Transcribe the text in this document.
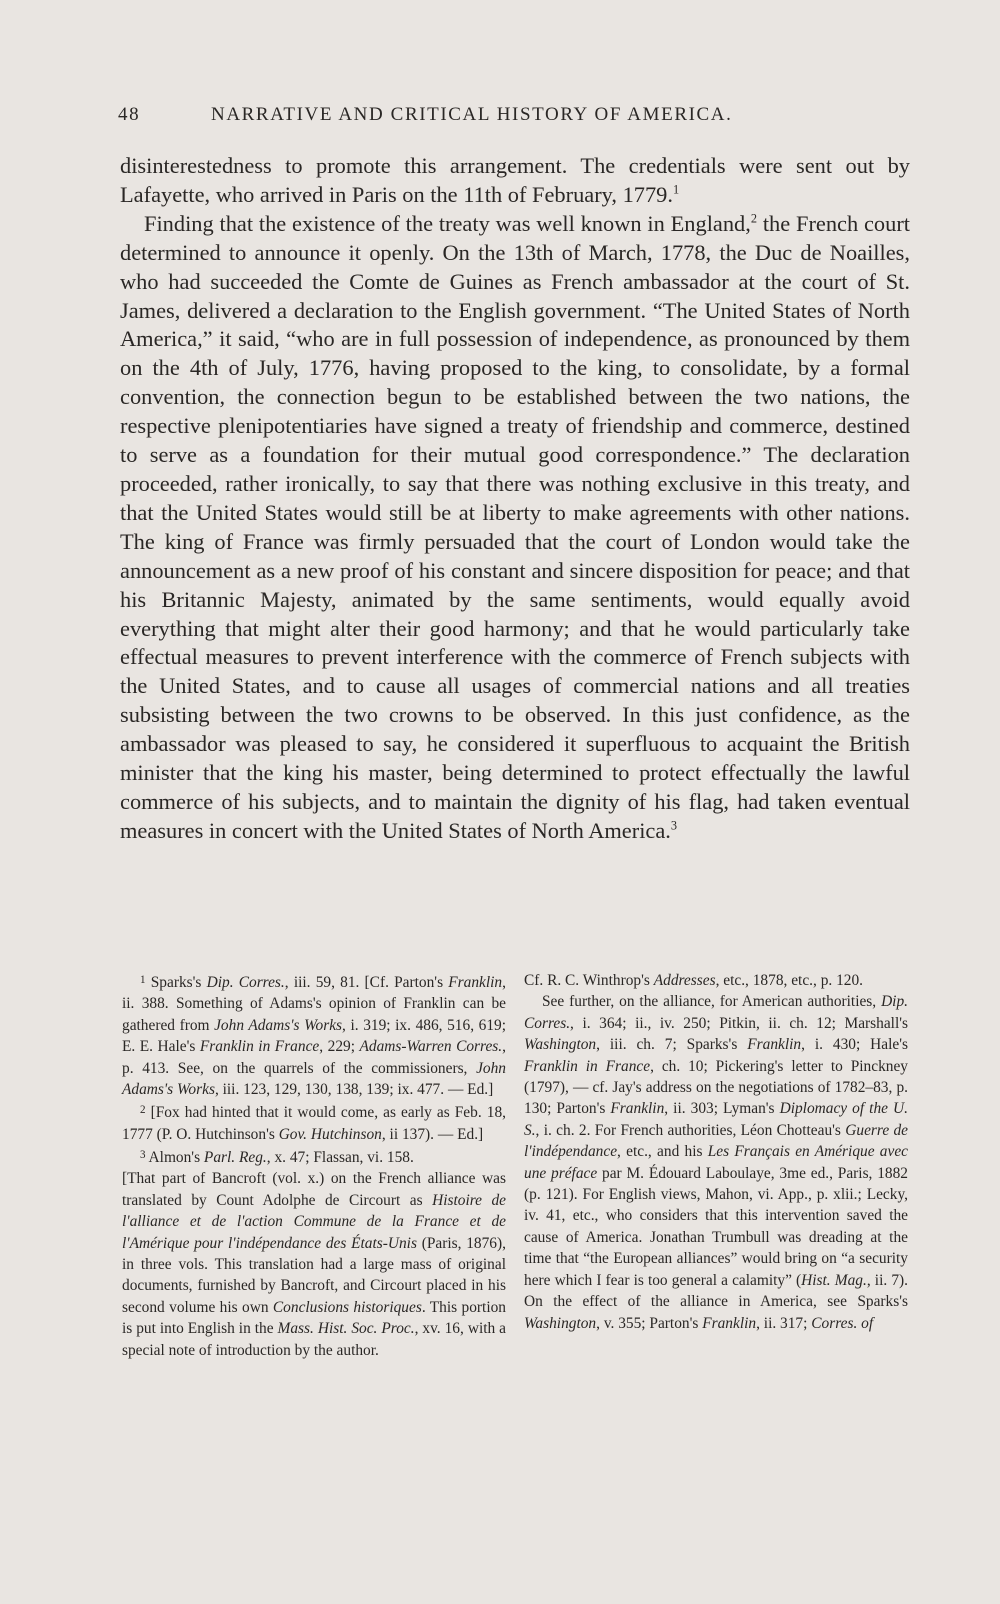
48	NARRATIVE AND CRITICAL HISTORY OF AMERICA.

disinterestedness to promote this arrangement. The credentials were sent out by Lafayette, who arrived in Paris on the 11th of February, 1779.$^1$

Finding that the existence of the treaty was well known in England,$^2$ the French court determined to announce it openly. On the 13th of March, 1778, the Duc de Noailles, who had succeeded the Comte de Guines as French ambassador at the court of St. James, delivered a declaration to the English government. “The United States of North America,” it said, “who are in full possession of independence, as pronounced by them on the 4th of July, 1776, having proposed to the king, to consolidate, by a formal convention, the connection begun to be established between the two nations, the respective plenipotentiaries have signed a treaty of friendship and commerce, destined to serve as a foundation for their mutual good correspondence.” The declaration proceeded, rather ironically, to say that there was nothing exclusive in this treaty, and that the United States would still be at liberty to make agreements with other nations. The king of France was firmly persuaded that the court of London would take the announcement as a new proof of his constant and sincere disposition for peace; and that his Britannic Majesty, animated by the same sentiments, would equally avoid everything that might alter their good harmony; and that he would particularly take effectual measures to prevent interference with the commerce of French subjects with the United States, and to cause all usages of commercial nations and all treaties subsisting between the two crowns to be observed. In this just confidence, as the ambassador was pleased to say, he considered it superfluous to acquaint the British minister that the king his master, being determined to protect effectually the lawful commerce of his subjects, and to maintain the dignity of his flag, had taken eventual measures in concert with the United States of North America.$^3$

$^1$ Sparks's Dip. Corres., iii. 59, 81. [Cf. Parton's Franklin, ii. 388. Something of Adams's opinion of Franklin can be gathered from John Adams's Works, i. 319; ix. 486, 516, 619; E. E. Hale's Franklin in France, 229; Adams-Warren Corres., p. 413. See, on the quarrels of the commissioners, John Adams's Works, iii. 123, 129, 130, 138, 139; ix. 477. — Ed.]

$^2$ [Fox had hinted that it would come, as early as Feb. 18, 1777 (P. O. Hutchinson's Gov. Hutchinson, ii 137). — Ed.]

$^3$ Almon's Parl. Reg., x. 47; Flassan, vi. 158.

[That part of Bancroft (vol. x.) on the French alliance was translated by Count Adolphe de Circourt as Histoire de l'alliance et de l'action Commune de la France et de l'Amérique pour l'indépendance des États-Unis (Paris, 1876), in three vols. This translation had a large mass of original documents, furnished by Bancroft, and Circourt placed in his second volume his own Conclusions historiques. This portion is put into English in the Mass. Hist. Soc. Proc., xv. 16, with a special note of introduction by the author.

Cf. R. C. Winthrop's Addresses, etc., 1878, etc., p. 120.

See further, on the alliance, for American authorities, Dip. Corres., i. 364; ii., iv. 250; Pitkin, ii. ch. 12; Marshall's Washington, iii. ch. 7; Sparks's Franklin, i. 430; Hale's Franklin in France, ch. 10; Pickering's letter to Pinckney (1797), — cf. Jay's address on the negotiations of 1782–83, p. 130; Parton's Franklin, ii. 303; Lyman's Diplomacy of the U. S., i. ch. 2. For French authorities, Léon Chotteau's Guerre de l'indépendance, etc., and his Les Français en Amérique avec une préface par M. Édouard Laboulaye, 3me ed., Paris, 1882 (p. 121). For English views, Mahon, vi. App., p. xlii.; Lecky, iv. 41, etc., who considers that this intervention saved the cause of America. Jonathan Trumbull was dreading at the time that “the European alliances” would bring on “a security here which I fear is too general a calamity” (Hist. Mag., ii. 7). On the effect of the alliance in America, see Sparks's Washington, v. 355; Parton's Franklin, ii. 317; Corres. of
